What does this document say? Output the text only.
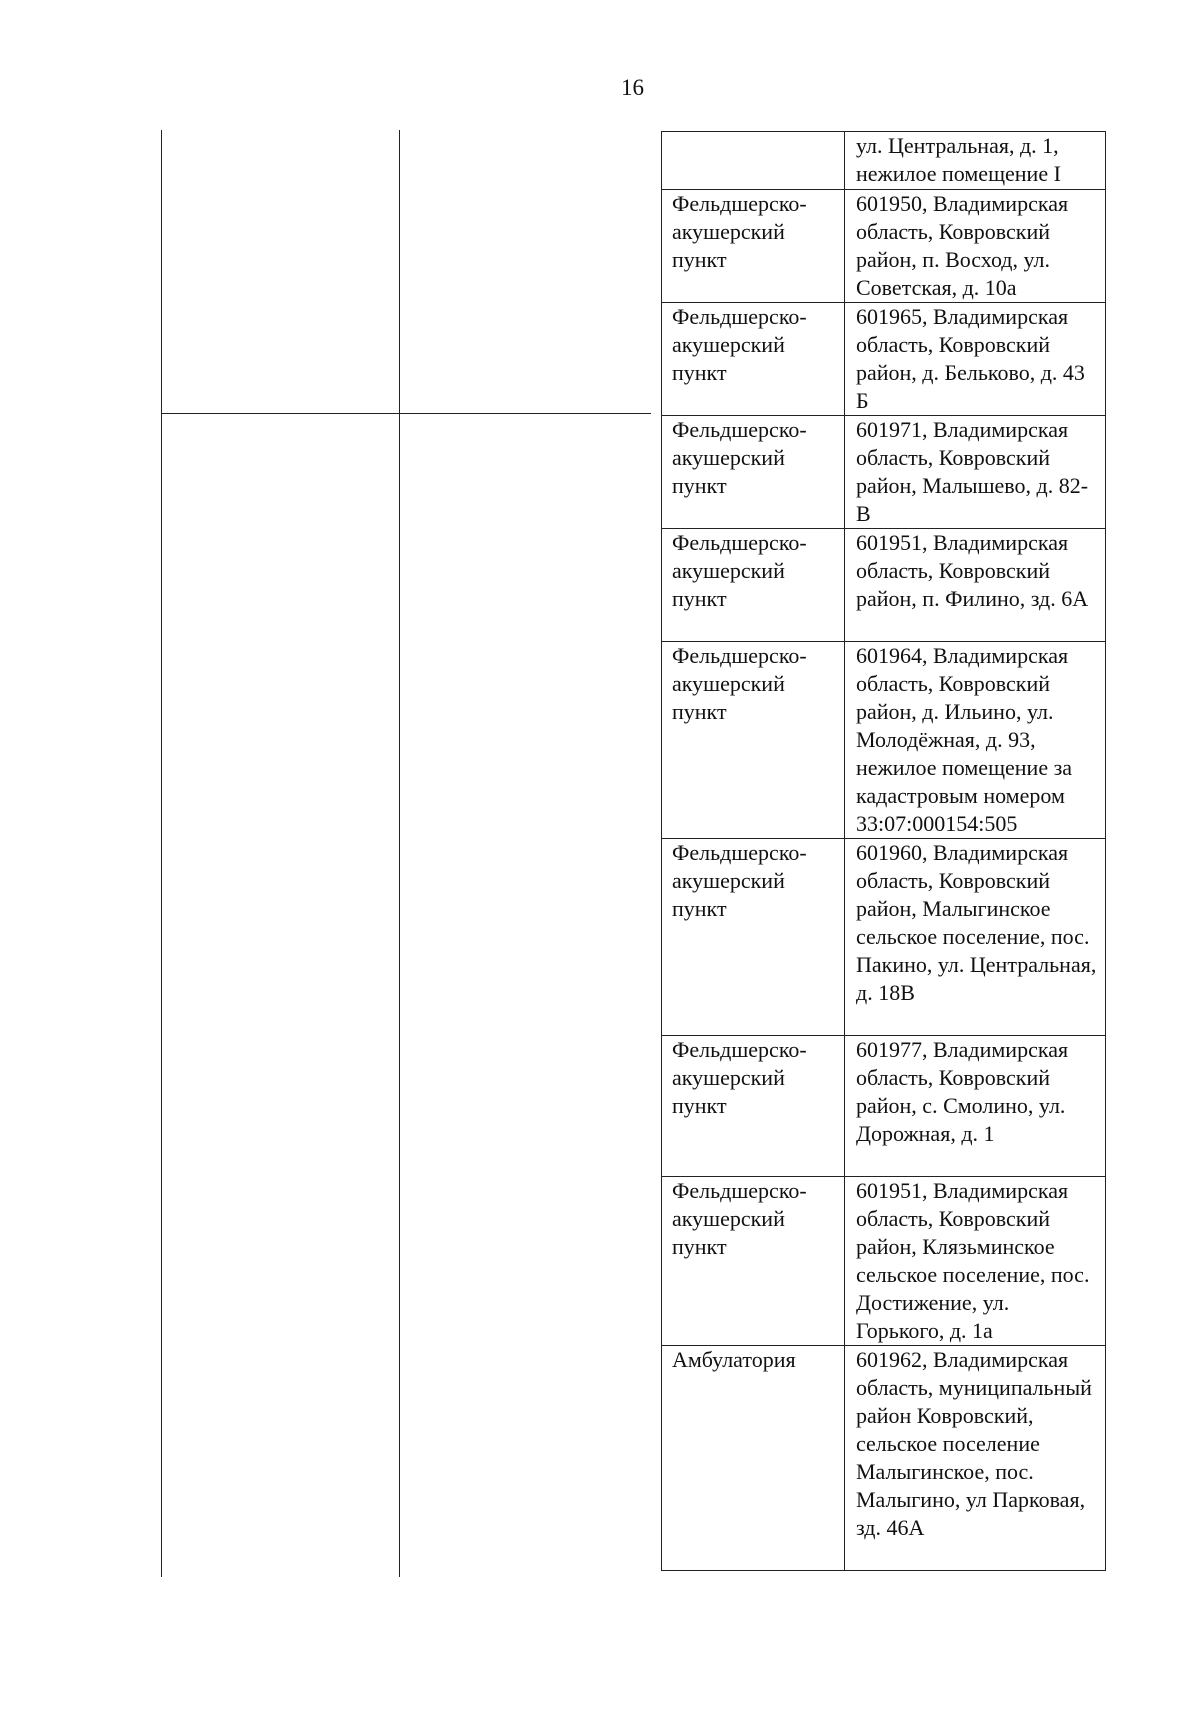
16
	ул. Центральная, д. 1, нежилое помещение I
Фельдшерско-акушерский пункт	601950, Владимирская область, Ковровский район, п. Восход, ул. Советская, д. 10а
Фельдшерско-акушерский пункт	601965, Владимирская область, Ковровский район, д. Бельково, д. 43 Б
Фельдшерско-акушерский пункт	601971, Владимирская область, Ковровский район, Малышево, д. 82-В
Фельдшерско-акушерский пункт	601951, Владимирская область, Ковровский район, п. Филино, зд. 6А
Фельдшерско-акушерский пункт	601964, Владимирская область, Ковровский район, д. Ильино, ул. Молодёжная, д. 93, нежилое помещение за кадастровым номером 33:07:000154:505
Фельдшерско-акушерский пункт	601960, Владимирская область, Ковровский район, Малыгинское сельское поселение, пос. Пакино, ул. Центральная, д. 18В
Фельдшерско-акушерский пункт	601977, Владимирская область, Ковровский район, с. Смолино, ул. Дорожная, д. 1
Фельдшерско-акушерский пункт	601951, Владимирская область, Ковровский район, Клязьминское сельское поселение, пос. Достижение, ул. Горького, д. 1а
Амбулатория	601962, Владимирская область, муниципальный район Ковровский, сельское поселение Малыгинское, пос. Малыгино, ул Парковая, зд. 46А
